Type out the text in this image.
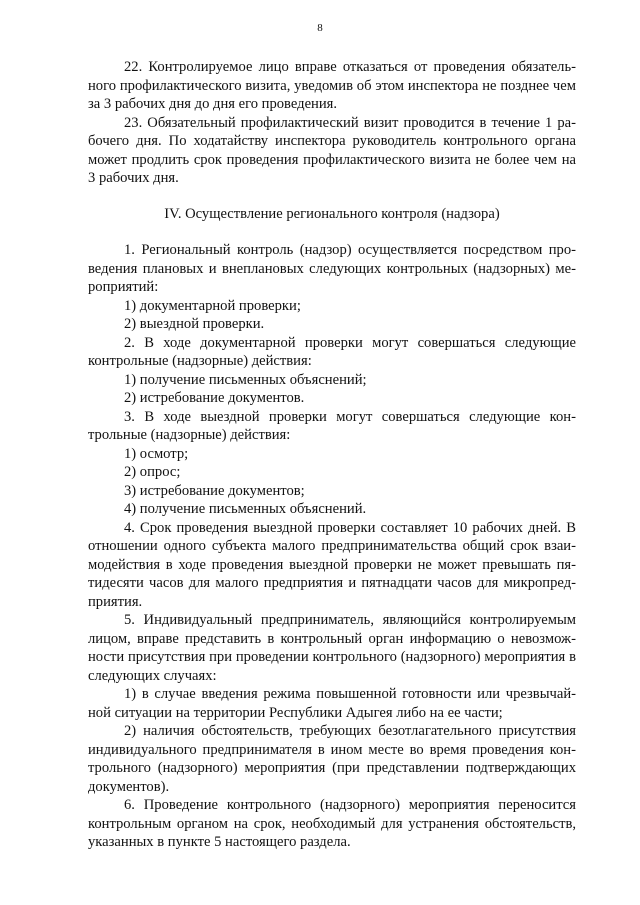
8

22. Контролируемое лицо вправе отказаться от проведения обязательного профилактического визита, уведомив об этом инспектора не позднее чем за 3 рабочих дня до дня его проведения.

23. Обязательный профилактический визит проводится в течение 1 рабочего дня. По ходатайству инспектора руководитель контрольного органа может продлить срок проведения профилактического визита не более чем на 3 рабочих дня.

IV. Осуществление регионального контроля (надзора)

1. Региональный контроль (надзор) осуществляется посредством проведения плановых и внеплановых следующих контрольных (надзорных) мероприятий:

1) документарной проверки;

2) выездной проверки.

2. В ходе документарной проверки могут совершаться следующие контрольные (надзорные) действия:

1) получение письменных объяснений;

2) истребование документов.

3. В ходе выездной проверки могут совершаться следующие контрольные (надзорные) действия:

1) осмотр;

2) опрос;

3) истребование документов;

4) получение письменных объяснений.

4. Срок проведения выездной проверки составляет 10 рабочих дней. В отношении одного субъекта малого предпринимательства общий срок взаимодействия в ходе проведения выездной проверки не может превышать пятидесяти часов для малого предприятия и пятнадцати часов для микропредприятия.

5. Индивидуальный предприниматель, являющийся контролируемым лицом, вправе представить в контрольный орган информацию о невозможности присутствия при проведении контрольного (надзорного) мероприятия в следующих случаях:

1) в случае введения режима повышенной готовности или чрезвычайной ситуации на территории Республики Адыгея либо на ее части;

2) наличия обстоятельств, требующих безотлагательного присутствия индивидуального предпринимателя в ином месте во время проведения контрольного (надзорного) мероприятия (при представлении подтверждающих документов).

6. Проведение контрольного (надзорного) мероприятия переносится контрольным органом на срок, необходимый для устранения обстоятельств, указанных в пункте 5 настоящего раздела.
